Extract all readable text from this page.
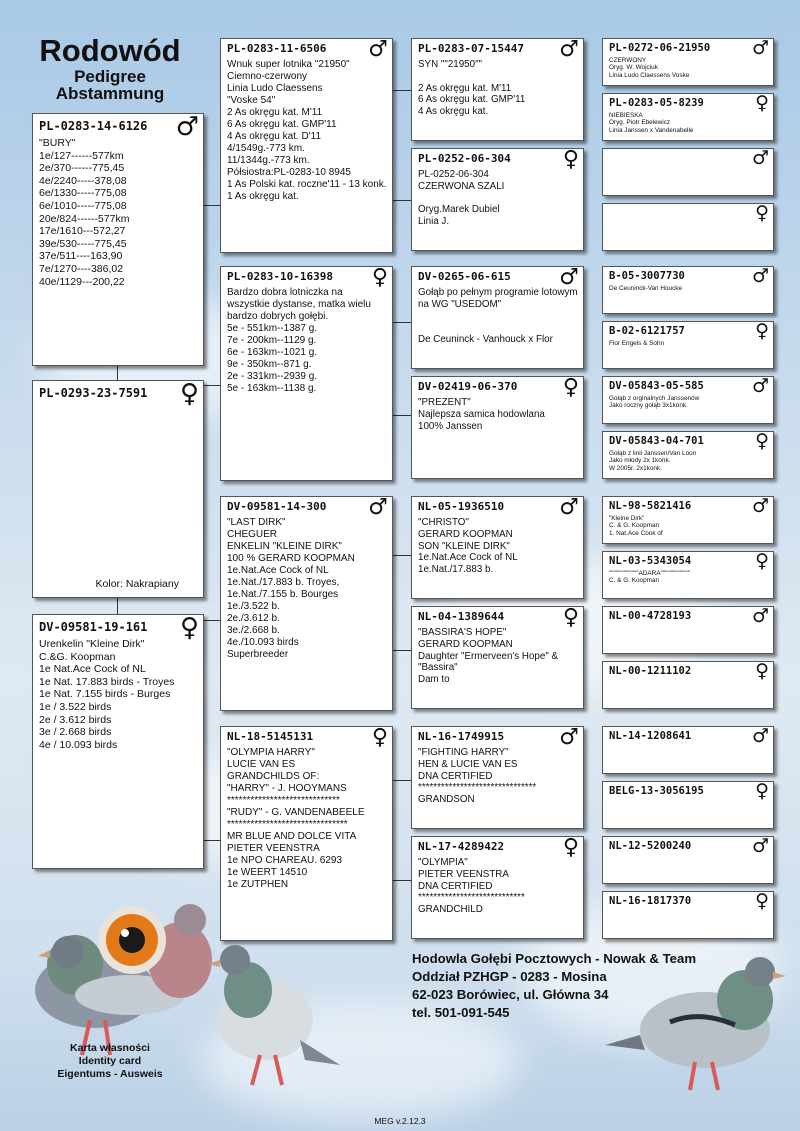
Rodowód
Pedigree
Abstammung
PL-0283-14-6126 ♂
"BURY"
1e/127------577km
2e/370------775,45
4e/2240-----378,08
6e/1330-----775,08
6e/1010-----775,08
20e/824------577km
17e/1610---572,27
39e/530-----775,45
37e/511----163,90
7e/1270----386,02
40e/1129---200,22
PL-0293-23-7591 ♀
Kolor: Nakrapiany
DV-09581-19-161 ♀
Urenkelin "Kleine Dirk"
C.&G. Koopman
1e Nat.Ace Cock of NL
1e Nat. 17.883 birds - Troyes
1e Nat. 7.155 birds - Burges
1e / 3.522 birds
2e / 3.612 birds
3e / 2.668 birds
4e / 10.093 birds
PL-0283-11-6506 ♂
Wnuk super lotnika "21950"
Ciemno-czerwony
Linia Ludo Claessens
"Voske 54"
2 As okręgu kat. M'11
6 As okręgu kat. GMP'11
4 As okręgu kat. D'11
4/1549g.-773 km.
11/1344g.-773 km.
Półsiostra:PL-0283-10 8945
1 As Polski kat. roczne'11 - 13 konk.
1 As okręgu kat.
PL-0283-10-16398 ♀
Bardzo dobra lotniczka na wszystkie dystanse, matka wielu bardzo dobrych gołębi.
5e - 551km--1387 g.
7e - 200km--1129 g.
6e - 163km--1021 g.
9e - 350km--871 g.
2e - 331km--2939 g.
5e - 163km--1138 g.
DV-09581-14-300 ♂
"LAST DIRK"
CHEGUER
ENKELIN "KLEINE DIRK"
100 % GERARD KOOPMAN
1e.Nat.Ace Cock of NL
1e.Nat./17.883 b. Troyes,
1e.Nat./7.155 b. Bourges
1e./3.522 b.
2e./3.612 b.
3e./2.668 b.
4e./10.093 birds
Superbreeder
NL-18-5145131	♀
"OLYMPIA HARRY"
LUCIE VAN ES
GRANDCHILDS OF:
"HARRY" - J. HOOYMANS
*****************************
"RUDY" - G. VANDENABEELE
*******************************
MR BLUE AND DOLCE VITA
PIETER VEENSTRA
1e NPO CHAREAU. 6293
1e WEERT 14510
1e ZUTPHEN
PL-0283-07-15447 ♂
SYN ""21950""

2 As okręgu kat. M'11
6 As okręgu kat. GMP'11
4 As okręgu kat.
PL-0252-06-304 ♀
PL-0252-06-304
CZERWONA SZALI

Oryg.Marek Dubiel
Linia J.
DV-0265-06-615 ♂
Gołąb po pełnym programie lotowym na WG "USEDOM"

De Ceuninck - Vanhouck x Flor
DV-02419-06-370 ♀
"PREZENT"
Najlepsza samica hodowlana
100% Janssen
NL-05-1936510	♂
"CHRISTO"
GERARD KOOPMAN
SON "KLEINE DIRK"
1e.Nat.Ace Cock of NL
1e.Nat./17.883 b.
NL-04-1389644	♀
"BASSIRA'S HOPE"
GERARD KOOPMAN
Daughter "Ermerveen's Hope" & "Bassira"
Dam to
NL-16-1749915	♂
"FIGHTING HARRY"
HEN & LUCIE VAN ES
DNA CERTIFIED
*******************************
GRANDSON
NL-17-4289422	♀
"OLYMPIA"
PIETER VEENSTRA
DNA CERTIFIED
****************************
GRANDCHILD
PL-0272-06-21950 ♂
CZERWONY
Oryg. W. Wojciuk
Linia Ludo Claessens Voske
PL-0283-05-8239	♀
NIEBIESKA
Oryg. Piotr Ebelewicz
Linia Janssen x Vandenabelle
♂
♀
B-05-3007730	♂
De Ceuninck-Van Houcke
B-02-6121757	♀
Flor Engels & Sohn
DV-05843-05-585	♂
Gołąb z orginalnych Janssenów
Jako roczny gołąb 3x1konk.
DV-05843-04-701	♀
Gołąb z linii Janssen/Van Loon
Jako młody 2x 1konk.
W 2005r. 2x1konk.
NL-98-5821416	♂
"Kleine Dirk"
C. & G. Koopman
1. Nat.Ace Cook of
NL-03-5343054	♀
"""""""""""""ADARA"""""""""""""
C. & G. Koopman
NL-00-4728193	♂
NL-00-1211102	♀
NL-14-1208641	♂
BELG-13-3056195	♀
NL-12-5200240	♂
NL-16-1817370	♀
Hodowla Gołębi Pocztowych - Nowak & Team
Oddział PZHGP - 0283 - Mosina
62-023 Borówiec, ul. Główna 34
tel. 501-091-545
Karta własności
Identity card
Eigentums - Ausweis
MEG v.2.12.3
